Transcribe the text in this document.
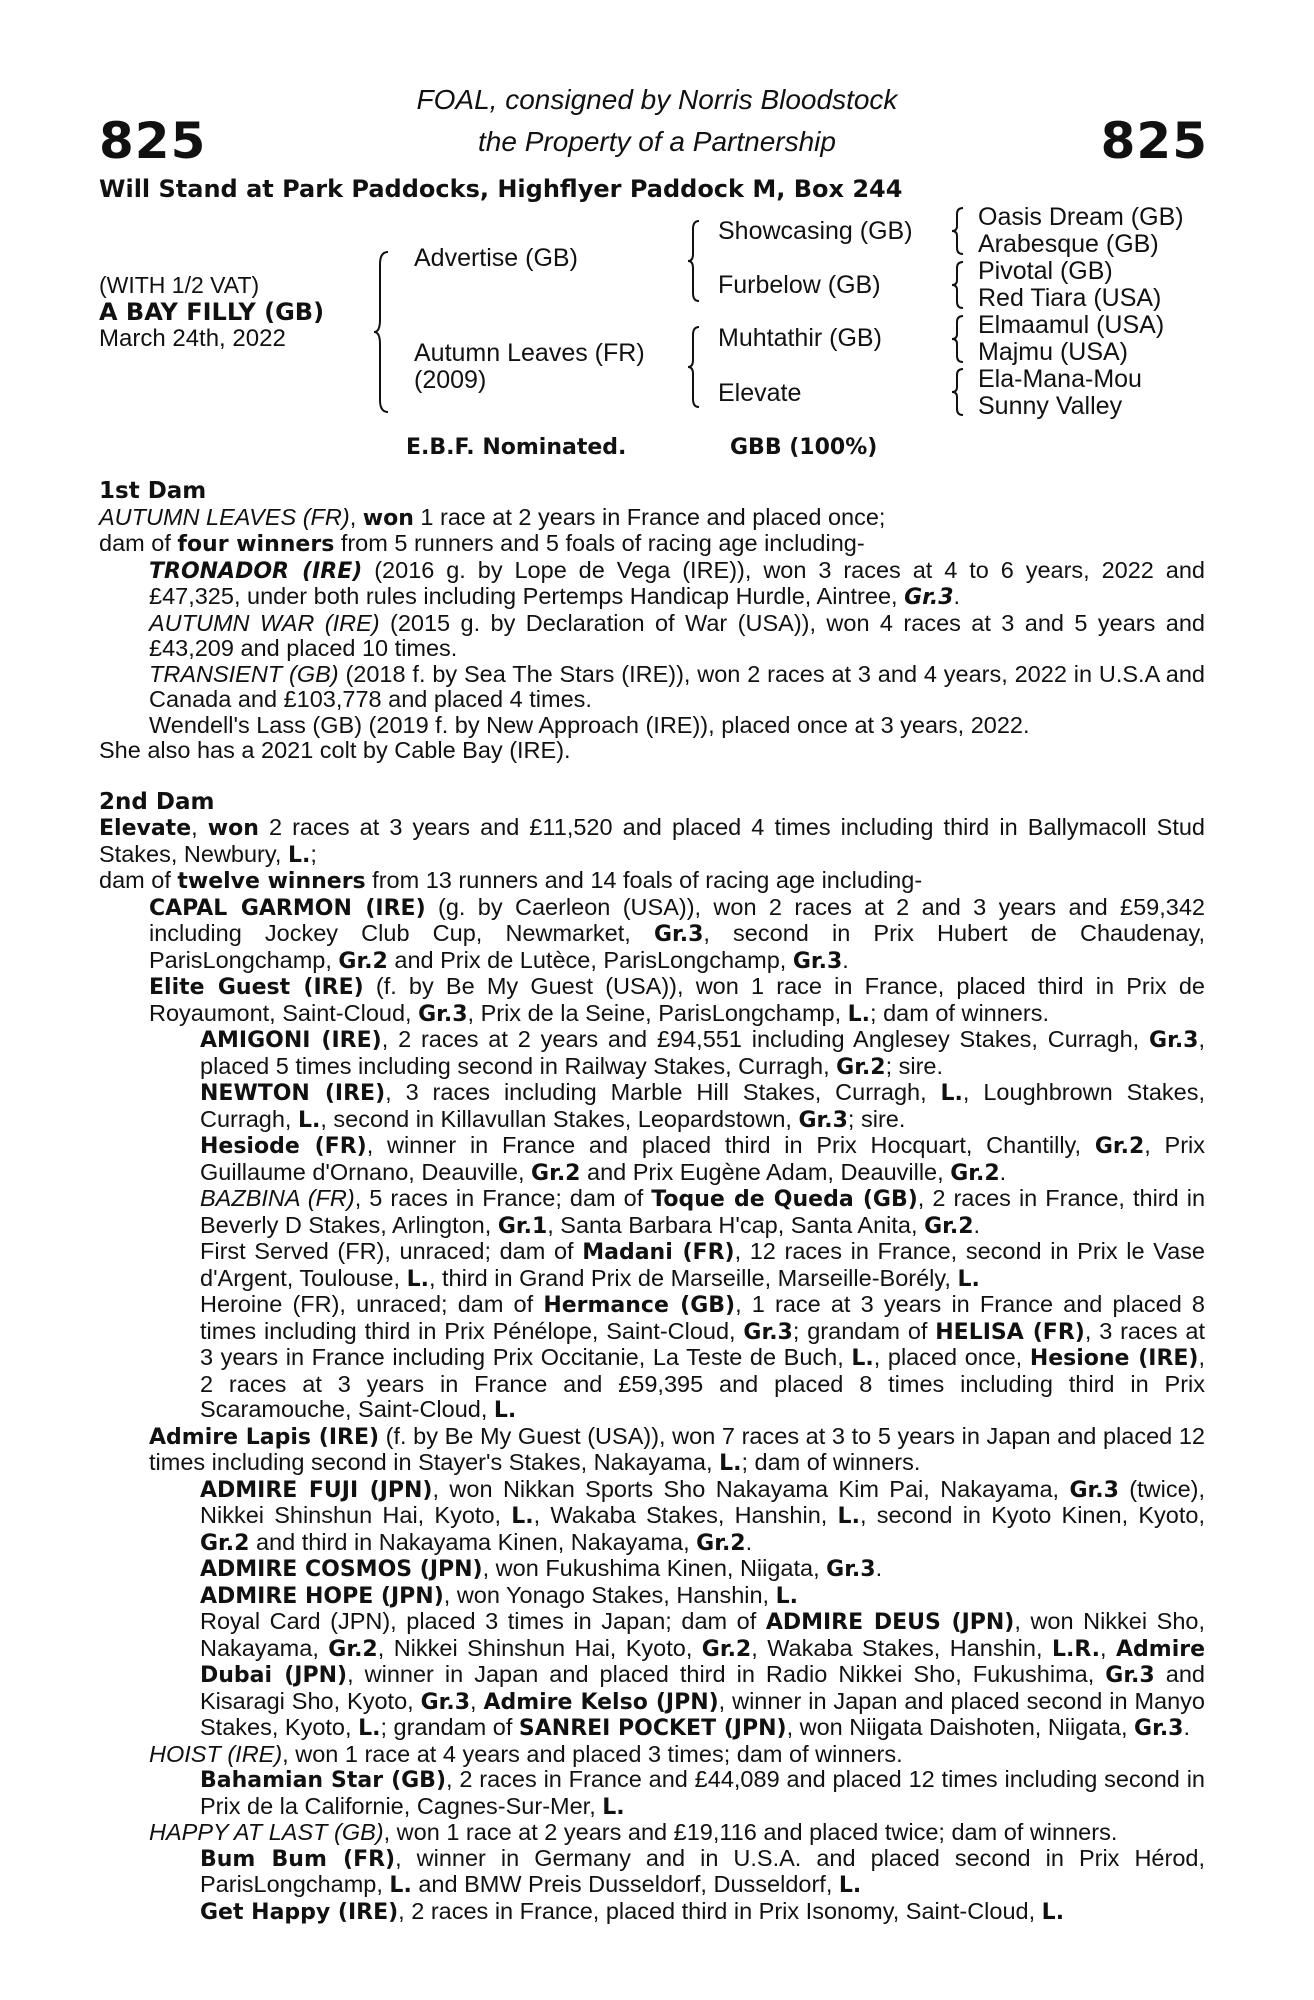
825	825
FOAL, consigned by Norris Bloodstock
the Property of a Partnership
Will Stand at Park Paddocks, Highflyer Paddock M, Box 244
(WITH 1/2 VAT)
A BAY FILLY (GB)
March 24th, 2022
Advertise (GB)
Autumn Leaves (FR)
(2009)
Showcasing (GB)
Furbelow (GB)
Muhtathir (GB)
Elevate
Oasis Dream (GB)
Arabesque (GB)
Pivotal (GB)
Red Tiara (USA)
Elmaamul (USA)
Majmu (USA)
Ela-Mana-Mou
Sunny Valley
E.B.F. Nominated.	GBB (100%)
1st Dam

AUTUMN LEAVES (FR), won 1 race at 2 years in France and placed once;

dam of four winners from 5 runners and 5 foals of racing age including-

TRONADOR (IRE) (2016 g. by Lope de Vega (IRE)), won 3 races at 4 to 6 years, 2022 and £47,325, under both rules including Pertemps Handicap Hurdle, Aintree, Gr.3.

AUTUMN WAR (IRE) (2015 g. by Declaration of War (USA)), won 4 races at 3 and 5 years and £43,209 and placed 10 times.

TRANSIENT (GB) (2018 f. by Sea The Stars (IRE)), won 2 races at 3 and 4 years, 2022 in U.S.A and Canada and £103,778 and placed 4 times.

Wendell's Lass (GB) (2019 f. by New Approach (IRE)), placed once at 3 years, 2022.

She also has a 2021 colt by Cable Bay (IRE).

2nd Dam

Elevate, won 2 races at 3 years and £11,520 and placed 4 times including third in Ballymacoll Stud Stakes, Newbury, L.;

dam of twelve winners from 13 runners and 14 foals of racing age including-

CAPAL GARMON (IRE) (g. by Caerleon (USA)), won 2 races at 2 and 3 years and £59,342 including Jockey Club Cup, Newmarket, Gr.3, second in Prix Hubert de Chaudenay, ParisLongchamp, Gr.2 and Prix de Lutèce, ParisLongchamp, Gr.3.

Elite Guest (IRE) (f. by Be My Guest (USA)), won 1 race in France, placed third in Prix de Royaumont, Saint-Cloud, Gr.3, Prix de la Seine, ParisLongchamp, L.; dam of winners.

AMIGONI (IRE), 2 races at 2 years and £94,551 including Anglesey Stakes, Curragh, Gr.3, placed 5 times including second in Railway Stakes, Curragh, Gr.2; sire.

NEWTON (IRE), 3 races including Marble Hill Stakes, Curragh, L., Loughbrown Stakes, Curragh, L., second in Killavullan Stakes, Leopardstown, Gr.3; sire.

Hesiode (FR), winner in France and placed third in Prix Hocquart, Chantilly, Gr.2, Prix Guillaume d'Ornano, Deauville, Gr.2 and Prix Eugène Adam, Deauville, Gr.2.

BAZBINA (FR), 5 races in France; dam of Toque de Queda (GB), 2 races in France, third in Beverly D Stakes, Arlington, Gr.1, Santa Barbara H'cap, Santa Anita, Gr.2.

First Served (FR), unraced; dam of Madani (FR), 12 races in France, second in Prix le Vase d'Argent, Toulouse, L., third in Grand Prix de Marseille, Marseille-Borély, L.

Heroine (FR), unraced; dam of Hermance (GB), 1 race at 3 years in France and placed 8 times including third in Prix Pénélope, Saint-Cloud, Gr.3; grandam of HELISA (FR), 3 races at 3 years in France including Prix Occitanie, La Teste de Buch, L., placed once, Hesione (IRE), 2 races at 3 years in France and £59,395 and placed 8 times including third in Prix Scaramouche, Saint-Cloud, L.

Admire Lapis (IRE) (f. by Be My Guest (USA)), won 7 races at 3 to 5 years in Japan and placed 12 times including second in Stayer's Stakes, Nakayama, L.; dam of winners.

ADMIRE FUJI (JPN), won Nikkan Sports Sho Nakayama Kim Pai, Nakayama, Gr.3 (twice), Nikkei Shinshun Hai, Kyoto, L., Wakaba Stakes, Hanshin, L., second in Kyoto Kinen, Kyoto, Gr.2 and third in Nakayama Kinen, Nakayama, Gr.2.

ADMIRE COSMOS (JPN), won Fukushima Kinen, Niigata, Gr.3.

ADMIRE HOPE (JPN), won Yonago Stakes, Hanshin, L.

Royal Card (JPN), placed 3 times in Japan; dam of ADMIRE DEUS (JPN), won Nikkei Sho, Nakayama, Gr.2, Nikkei Shinshun Hai, Kyoto, Gr.2, Wakaba Stakes, Hanshin, L.R., Admire Dubai (JPN), winner in Japan and placed third in Radio Nikkei Sho, Fukushima, Gr.3 and Kisaragi Sho, Kyoto, Gr.3, Admire Kelso (JPN), winner in Japan and placed second in Manyo Stakes, Kyoto, L.; grandam of SANREI POCKET (JPN), won Niigata Daishoten, Niigata, Gr.3.

HOIST (IRE), won 1 race at 4 years and placed 3 times; dam of winners.

Bahamian Star (GB), 2 races in France and £44,089 and placed 12 times including second in Prix de la Californie, Cagnes-Sur-Mer, L.

HAPPY AT LAST (GB), won 1 race at 2 years and £19,116 and placed twice; dam of winners.

Bum Bum (FR), winner in Germany and in U.S.A. and placed second in Prix Hérod, ParisLongchamp, L. and BMW Preis Dusseldorf, Dusseldorf, L.

Get Happy (IRE), 2 races in France, placed third in Prix Isonomy, Saint-Cloud, L.
